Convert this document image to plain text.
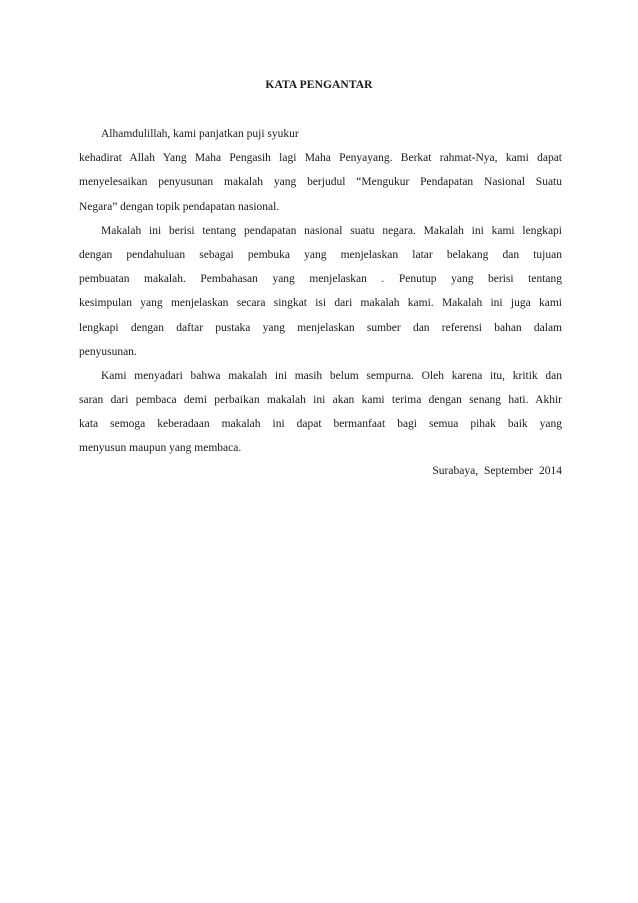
KATA PENGANTAR
Alhamdulillah, kami panjatkan puji syukur
kehadirat Allah Yang Maha Pengasih lagi Maha Penyayang. Berkat rahmat-Nya, kami dapat
menyelesaikan penyusunan makalah yang berjudul “Mengukur Pendapatan Nasional Suatu
Negara” dengan topik pendapatan nasional.
Makalah ini berisi tentang pendapatan nasional suatu negara. Makalah ini kami lengkapi
dengan pendahuluan sebagai pembuka yang menjelaskan latar belakang dan tujuan
pembuatan makalah. Pembahasan yang menjelaskan . Penutup yang berisi tentang
kesimpulan yang menjelaskan secara singkat isi dari makalah kami. Makalah ini juga kami
lengkapi dengan daftar pustaka yang menjelaskan sumber dan referensi bahan dalam
penyusunan.
Kami menyadari bahwa makalah ini masih belum sempurna. Oleh karena itu, kritik dan
saran dari pembaca demi perbaikan makalah ini akan kami terima dengan senang hati. Akhir
kata semoga keberadaan makalah ini dapat bermanfaat bagi semua pihak baik yang
menyusun maupun yang membaca.
Surabaya, September 2014
